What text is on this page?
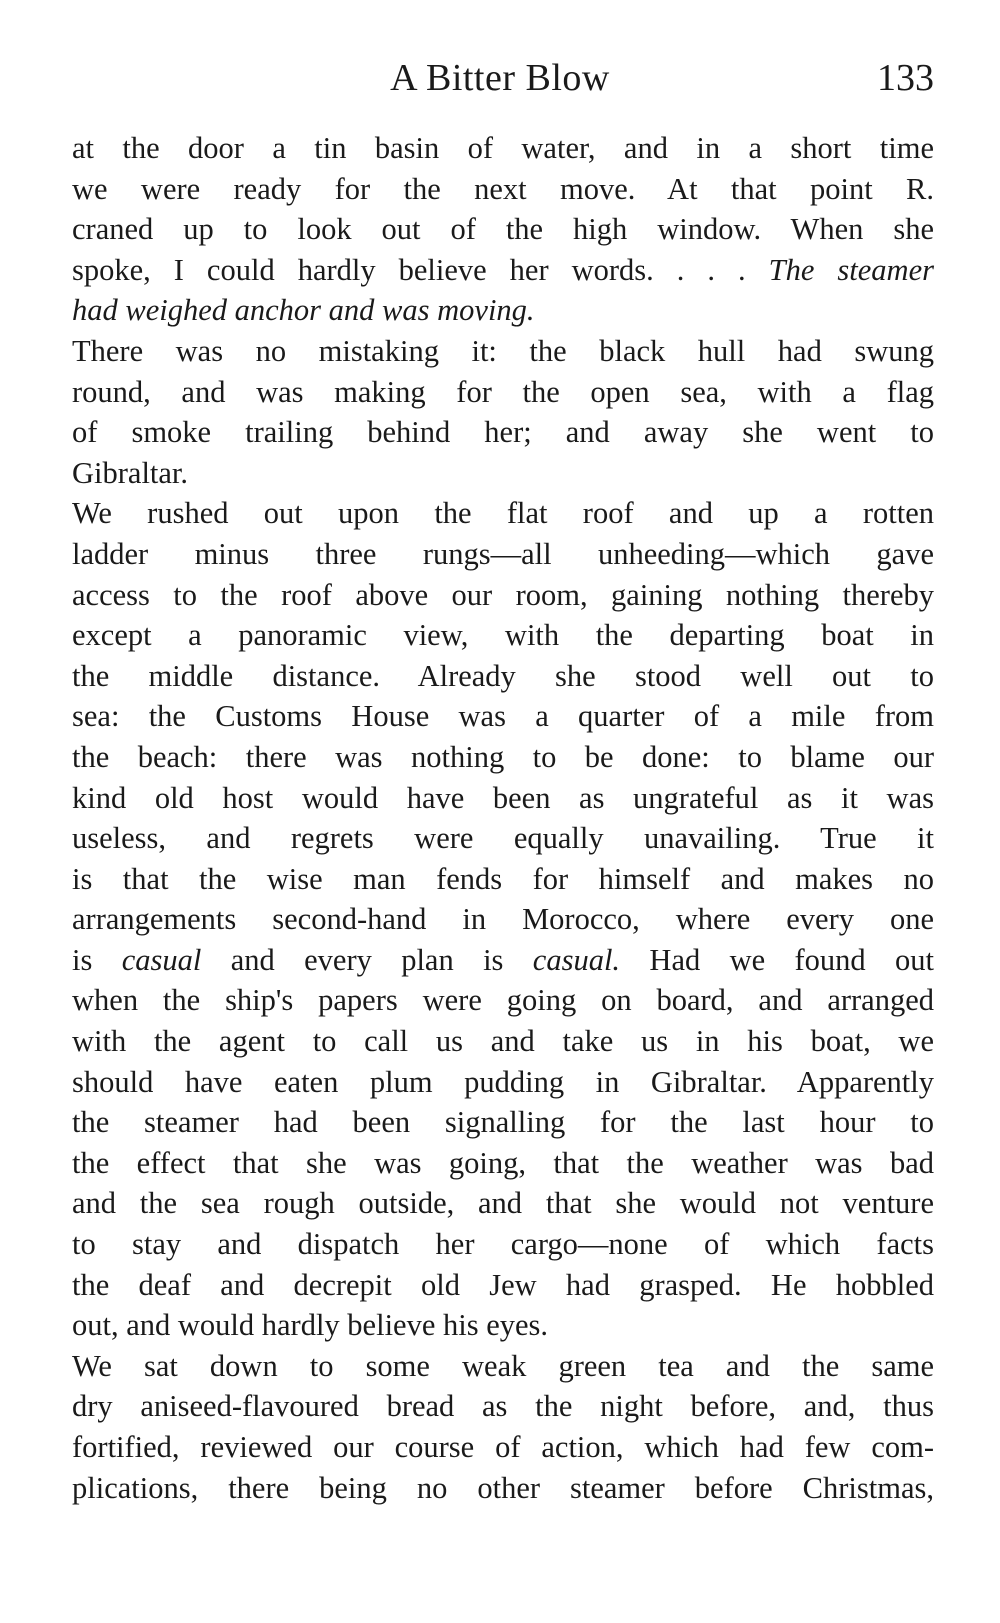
A Bitter Blow	133
at the door a tin basin of water, and in a short time
we were ready for the next move. At that point R.
craned up to look out of the high window. When she
spoke, I could hardly believe her words. . . . The steamer
had weighed anchor and was moving.
There was no mistaking it: the black hull had swung
round, and was making for the open sea, with a flag
of smoke trailing behind her; and away she went to
Gibraltar.
We rushed out upon the flat roof and up a rotten
ladder minus three rungs—all unheeding—which gave
access to the roof above our room, gaining nothing thereby
except a panoramic view, with the departing boat in
the middle distance. Already she stood well out to
sea: the Customs House was a quarter of a mile from
the beach: there was nothing to be done: to blame our
kind old host would have been as ungrateful as it was
useless, and regrets were equally unavailing. True it
is that the wise man fends for himself and makes no
arrangements second-hand in Morocco, where every one
is casual and every plan is casual. Had we found out
when the ship's papers were going on board, and arranged
with the agent to call us and take us in his boat, we
should have eaten plum pudding in Gibraltar. Apparently
the steamer had been signalling for the last hour to
the effect that she was going, that the weather was bad
and the sea rough outside, and that she would not venture
to stay and dispatch her cargo—none of which facts
the deaf and decrepit old Jew had grasped. He hobbled
out, and would hardly believe his eyes.
We sat down to some weak green tea and the same
dry aniseed-flavoured bread as the night before, and, thus
fortified, reviewed our course of action, which had few com-
plications, there being no other steamer before Christmas,
